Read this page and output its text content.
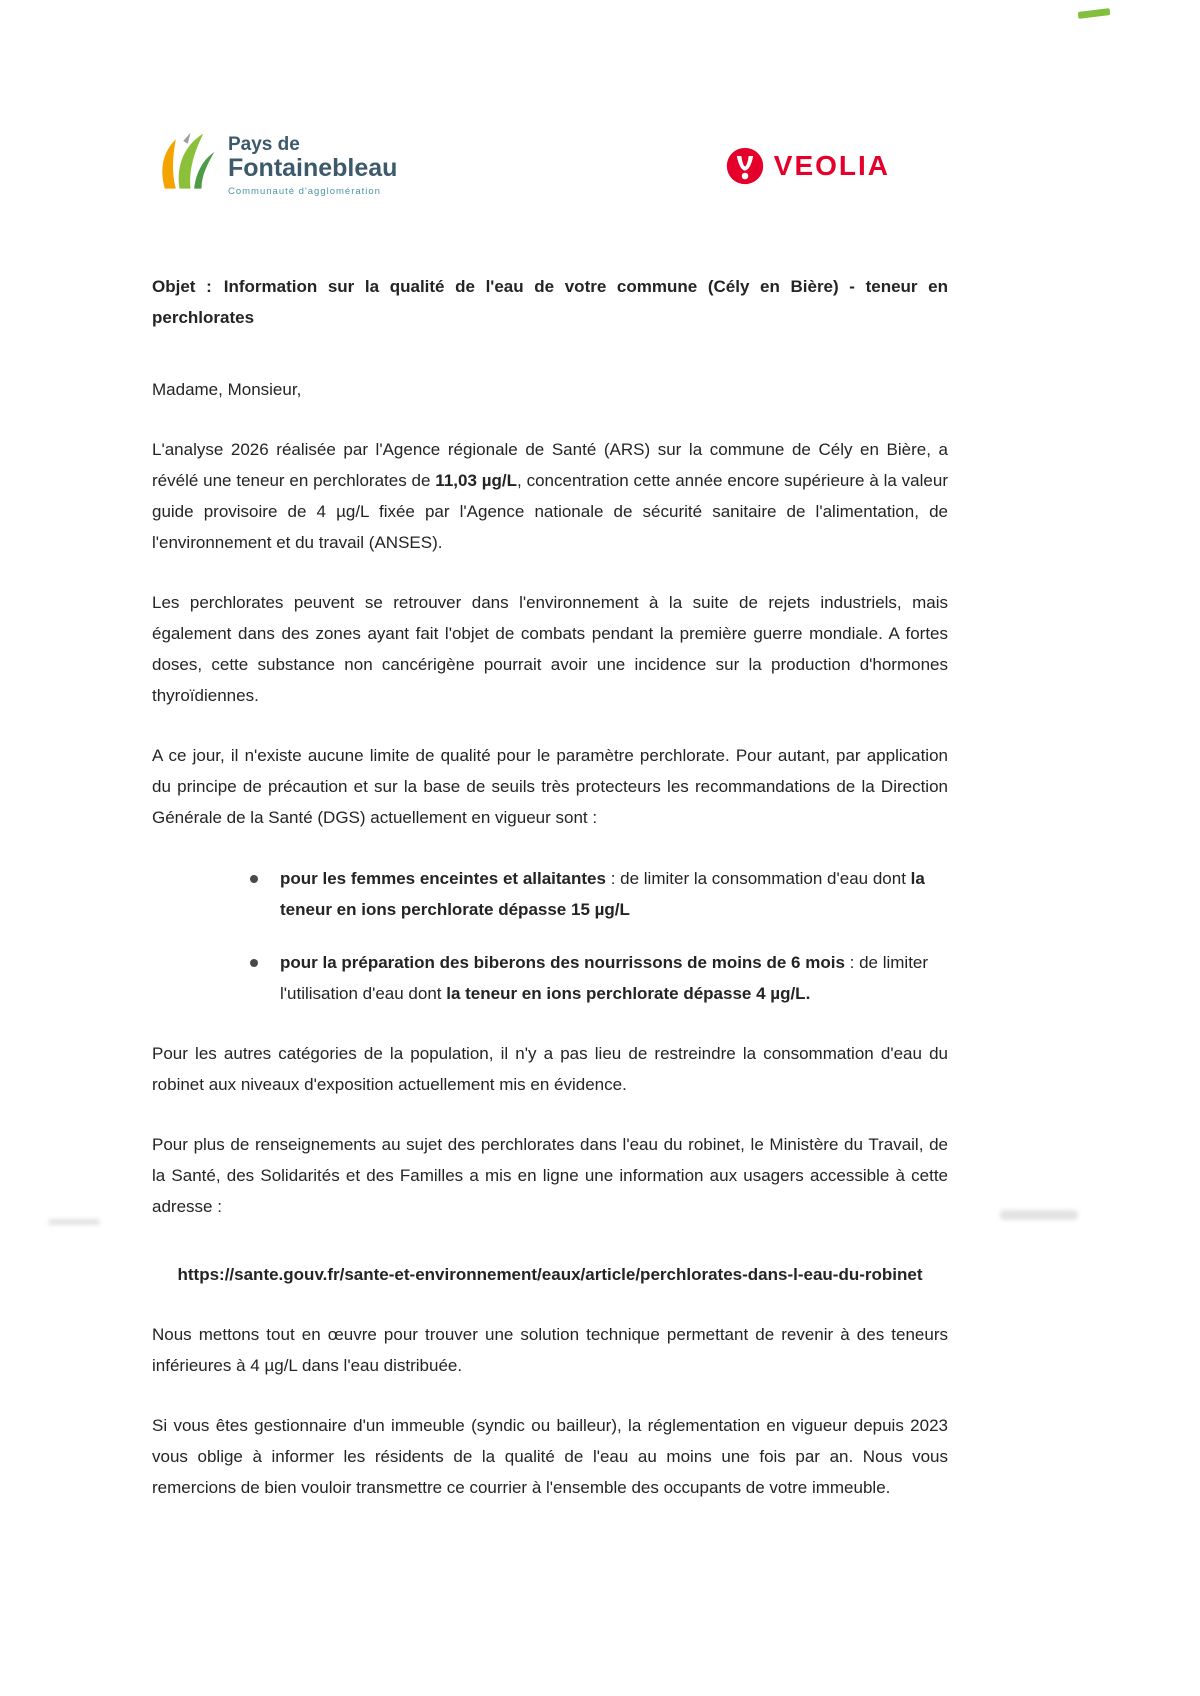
Pays de
Fontainebleau
Communauté d'agglomération
VEOLIA

Objet : Information sur la qualité de l'eau de votre commune (Cély en Bière) - teneur en perchlorates

Madame, Monsieur,

L'analyse 2026 réalisée par l'Agence régionale de Santé (ARS) sur la commune de Cély en Bière, a révélé une teneur en perchlorates de 11,03 µg/L, concentration cette année encore supérieure à la valeur guide provisoire de 4 µg/L fixée par l'Agence nationale de sécurité sanitaire de l'alimentation, de l'environnement et du travail (ANSES).

Les perchlorates peuvent se retrouver dans l'environnement à la suite de rejets industriels, mais également dans des zones ayant fait l'objet de combats pendant la première guerre mondiale. A fortes doses, cette substance non cancérigène pourrait avoir une incidence sur la production d'hormones thyroïdiennes.

A ce jour, il n'existe aucune limite de qualité pour le paramètre perchlorate. Pour autant, par application du principe de précaution et sur la base de seuils très protecteurs les recommandations de la Direction Générale de la Santé (DGS) actuellement en vigueur sont :

pour les femmes enceintes et allaitantes : de limiter la consommation d'eau dont la teneur en ions perchlorate dépasse 15 µg/L
pour la préparation des biberons des nourrissons de moins de 6 mois : de limiter l'utilisation d'eau dont la teneur en ions perchlorate dépasse 4 µg/L.

Pour les autres catégories de la population, il n'y a pas lieu de restreindre la consommation d'eau du robinet aux niveaux d'exposition actuellement mis en évidence.

Pour plus de renseignements au sujet des perchlorates dans l'eau du robinet, le Ministère du Travail, de la Santé, des Solidarités et des Familles a mis en ligne une information aux usagers accessible à cette adresse :

https://sante.gouv.fr/sante-et-environnement/eaux/article/perchlorates-dans-l-eau-du-robinet

Nous mettons tout en œuvre pour trouver une solution technique permettant de revenir à des teneurs inférieures à 4 µg/L dans l'eau distribuée.

Si vous êtes gestionnaire d'un immeuble (syndic ou bailleur), la réglementation en vigueur depuis 2023 vous oblige à informer les résidents de la qualité de l'eau au moins une fois par an. Nous vous remercions de bien vouloir transmettre ce courrier à l'ensemble des occupants de votre immeuble.
